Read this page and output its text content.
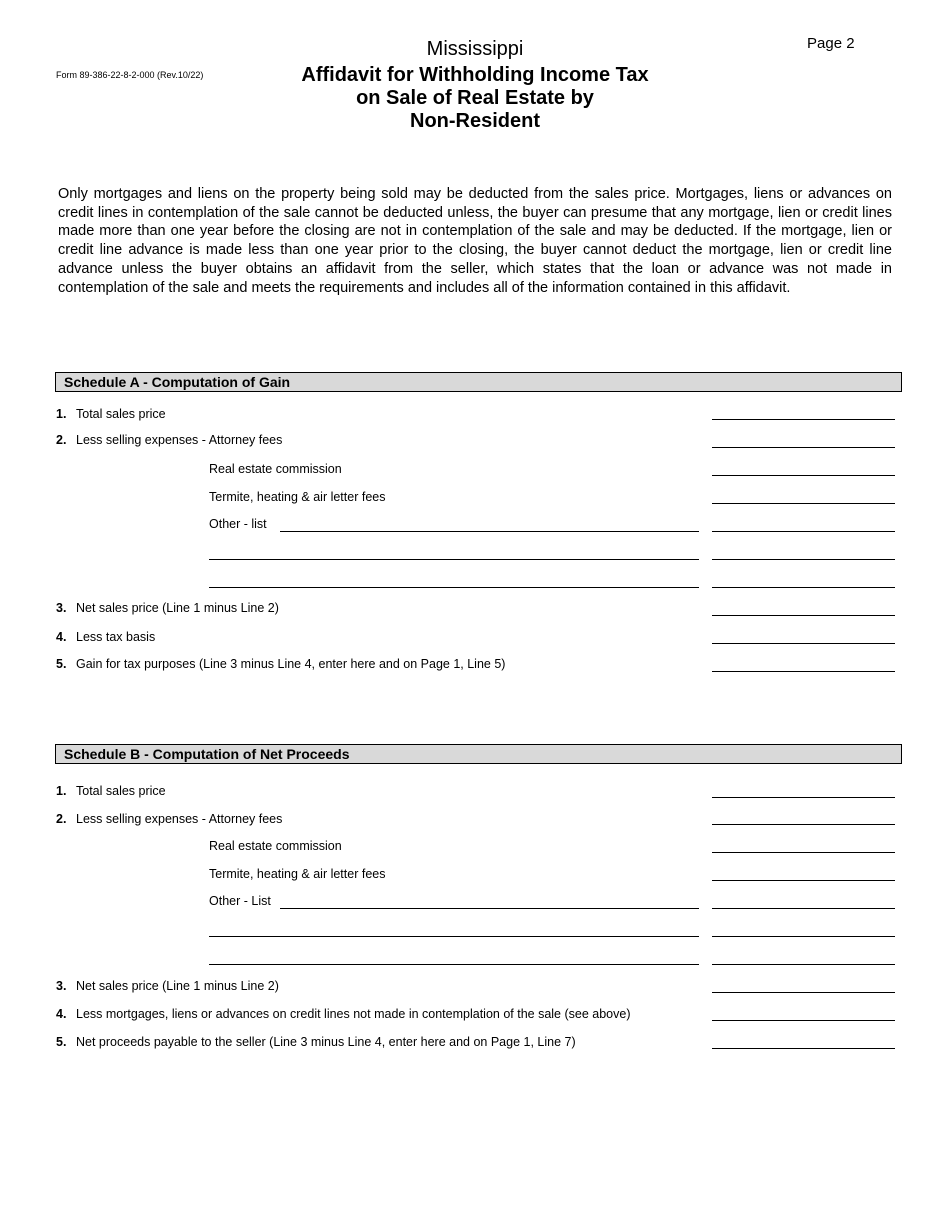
Form 89-386-22-8-2-000 (Rev.10/22)
Page 2
Mississippi
Affidavit for Withholding Income Tax
on Sale of Real Estate by
Non-Resident
Only mortgages and liens on the property being sold may be deducted from the sales price. Mortgages, liens or advances on credit lines in contemplation of the sale cannot be deducted unless, the buyer can presume that any mortgage, lien or credit lines made more than one year before the closing are not in contemplation of the sale and may be deducted. If the mortgage, lien or credit line advance is made less than one year prior to the closing, the buyer cannot deduct the mortgage, lien or credit line advance unless the buyer obtains an affidavit from the seller, which states that the loan or advance was not made in contemplation of the sale and meets the requirements and includes all of the information contained in this affidavit.
Schedule A - Computation of Gain
1. Total sales price
2. Less selling expenses - Attorney fees
Real estate commission
Termite, heating & air letter fees
Other - list
3. Net sales price (Line 1 minus Line 2)
4. Less tax basis
5. Gain for tax purposes (Line 3 minus Line 4, enter here and on Page 1, Line 5)
Schedule B - Computation of Net Proceeds
1. Total sales price
2. Less selling expenses - Attorney fees
Real estate commission
Termite, heating & air letter fees
Other - List
3. Net sales price (Line 1 minus Line 2)
4. Less mortgages, liens or advances on credit lines not made in contemplation of the sale (see above)
5. Net proceeds payable to the seller (Line 3 minus Line 4, enter here and on Page 1, Line 7)
